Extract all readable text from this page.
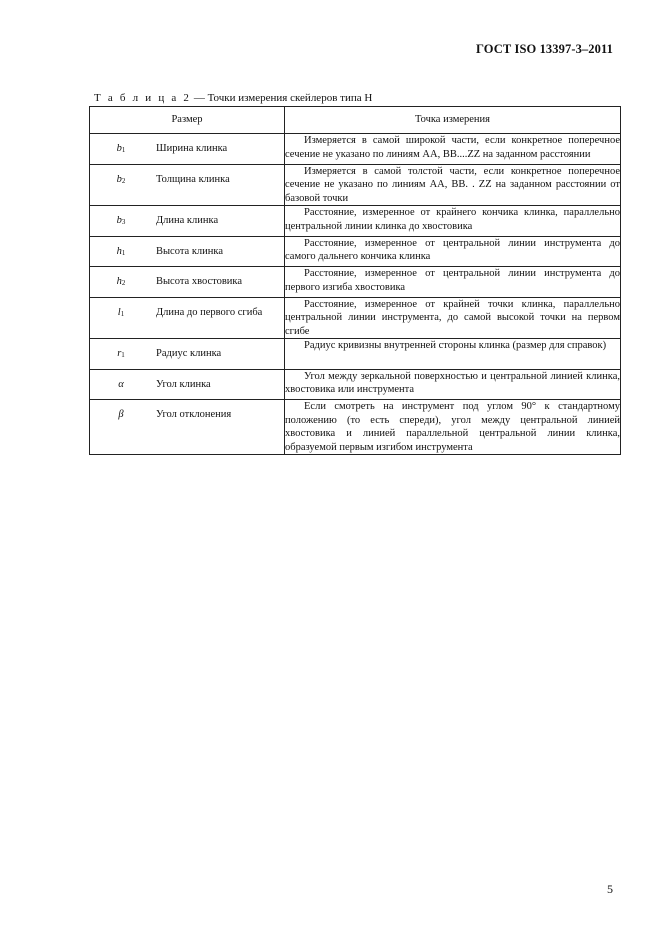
ГОСТ ISO 13397-3–2011
Т а б л и ц а 2 — Точки измерения скейлеров типа H
Размер	Точка измерения

$b_1$ Ширина клинка	Измеряется в самой широкой части, если конкретное поперечное сечение не указано по линиям AA, BB....ZZ на заданном расстоянии

$b_2$ Толщина клинка	Измеряется в самой толстой части, если конкретное поперечное сечение не указано по линиям AA, BB. . ZZ на заданном расстоянии от базовой точки

$b_3$ Длина клинка	Расстояние, измеренное от крайнего кончика клинка, параллельно центральной линии клинка до хвостовика

$h_1$ Высота клинка	Расстояние, измеренное от центральной линии инструмента до самого дальнего кончика клинка

$h_2$ Высота хвостовика	Расстояние, измеренное от центральной линии инструмента до первого изгиба хвостовика

$l_1$ Длина до первого сгиба	Расстояние, измеренное от крайней точки клинка, параллельно центральной линии инструмента, до самой высокой точки на первом сгибе

$r_1$ Радиус клинка	Радиус кривизны внутренней стороны клинка (размер для справок)

α Угол клинка	Угол между зеркальной поверхностью и центральной линией клинка, хвостовика или инструмента

β Угол отклонения	Если смотреть на инструмент под углом 90° к стандартному положению (то есть спереди), угол между центральной линией хвостовика и линией параллельной центральной линии клинка, образуемой первым изгибом инструмента
5
